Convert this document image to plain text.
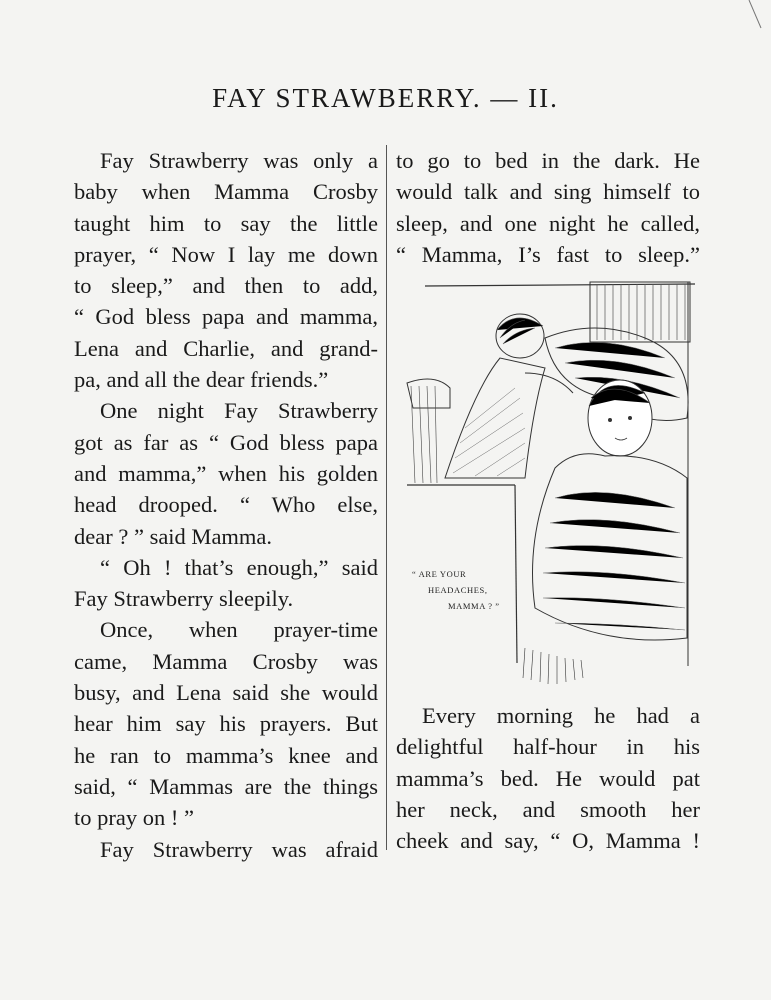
FAY STRAWBERRY. — II.
Fay Strawberry was only a
baby when Mamma Crosby
taught him to say the little
prayer, “ Now I lay me down
to sleep,” and then to add,
“ God bless papa and mamma,
Lena and Charlie, and grand-
pa, and all the dear friends.”
One night Fay Strawberry
got as far as “ God bless papa
and mamma,” when his golden
head drooped. “ Who else,
dear ? ” said Mamma.
“ Oh ! that’s enough,” said
Fay Strawberry sleepily.
Once, when prayer-time
came, Mamma Crosby was
busy, and Lena said she would
hear him say his prayers. But
he ran to mamma’s knee and
said, “ Mammas are the things
to pray on ! ”
Fay Strawberry was afraid
to go to bed in the dark. He
would talk and sing himself to
sleep, and one night he called,
“ Mamma, I’s fast to sleep.”
“ ARE YOUR
HEADACHES,
MAMMA ? ”
Every morning he had a
delightful half-hour in his
mamma’s bed. He would pat
her neck, and smooth her
cheek and say, “ O, Mamma !
